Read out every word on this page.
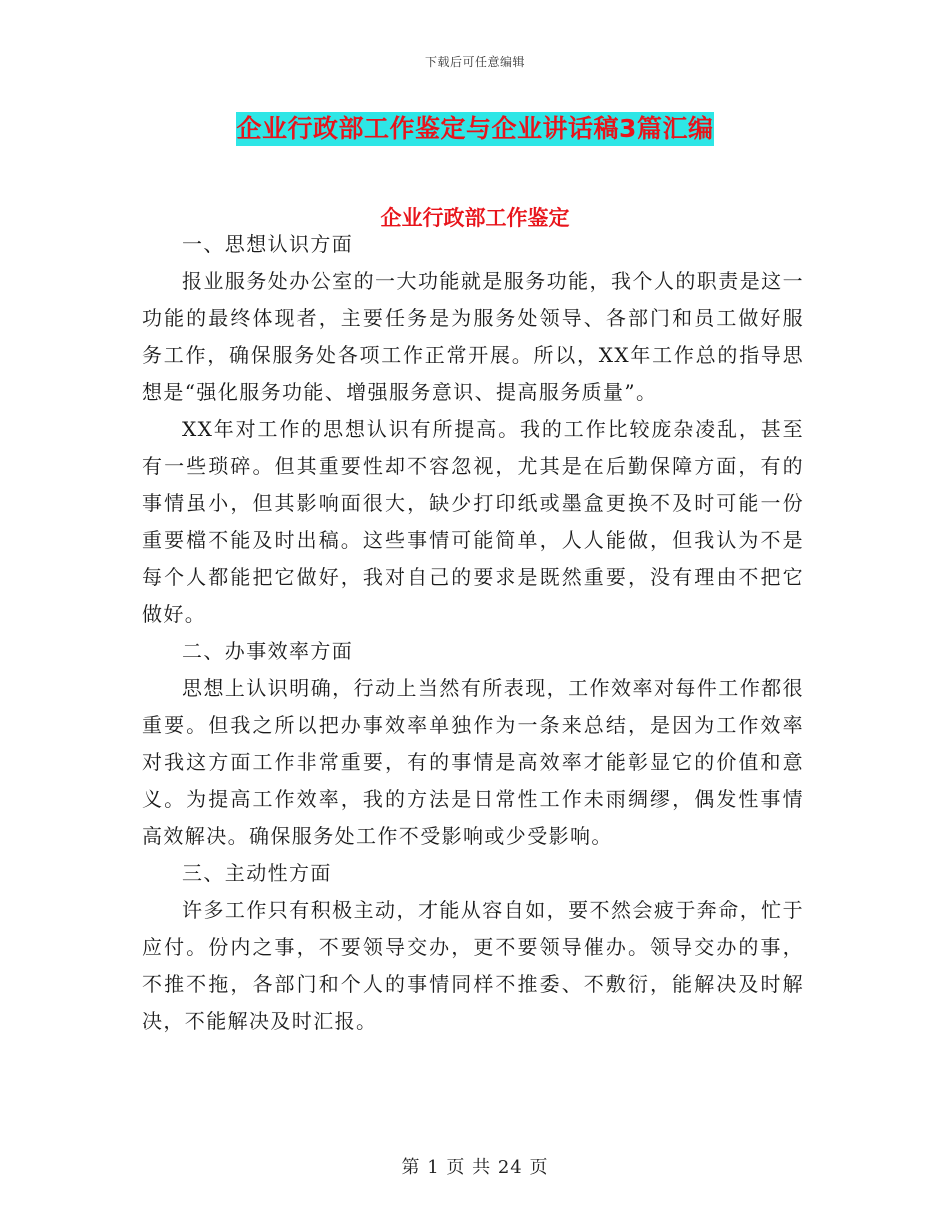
下载后可任意编辑
企业行政部工作鉴定与企业讲话稿3篇汇编
企业行政部工作鉴定

一、思想认识方面

报业服务处办公室的一大功能就是服务功能，我个人的职责是这一功能的最终体现者，主要任务是为服务处领导、各部门和员工做好服务工作，确保服务处各项工作正常开展。所以，XX年工作总的指导思想是“强化服务功能、增强服务意识、提高服务质量”。

XX年对工作的思想认识有所提高。我的工作比较庞杂凌乱，甚至有一些琐碎。但其重要性却不容忽视，尤其是在后勤保障方面，有的事情虽小，但其影响面很大，缺少打印纸或墨盒更换不及时可能一份重要檔不能及时出稿。这些事情可能简单，人人能做，但我认为不是每个人都能把它做好，我对自己的要求是既然重要，没有理由不把它做好。

二、办事效率方面

思想上认识明确，行动上当然有所表现，工作效率对每件工作都很重要。但我之所以把办事效率单独作为一条来总结，是因为工作效率对我这方面工作非常重要，有的事情是高效率才能彰显它的价值和意义。为提高工作效率，我的方法是日常性工作未雨绸缪，偶发性事情高效解决。确保服务处工作不受影响或少受影响。

三、主动性方面

许多工作只有积极主动，才能从容自如，要不然会疲于奔命，忙于应付。份内之事，不要领导交办，更不要领导催办。领导交办的事，不推不拖，各部门和个人的事情同样不推委、不敷衍，能解决及时解决，不能解决及时汇报。

第 1 页 共 24 页
